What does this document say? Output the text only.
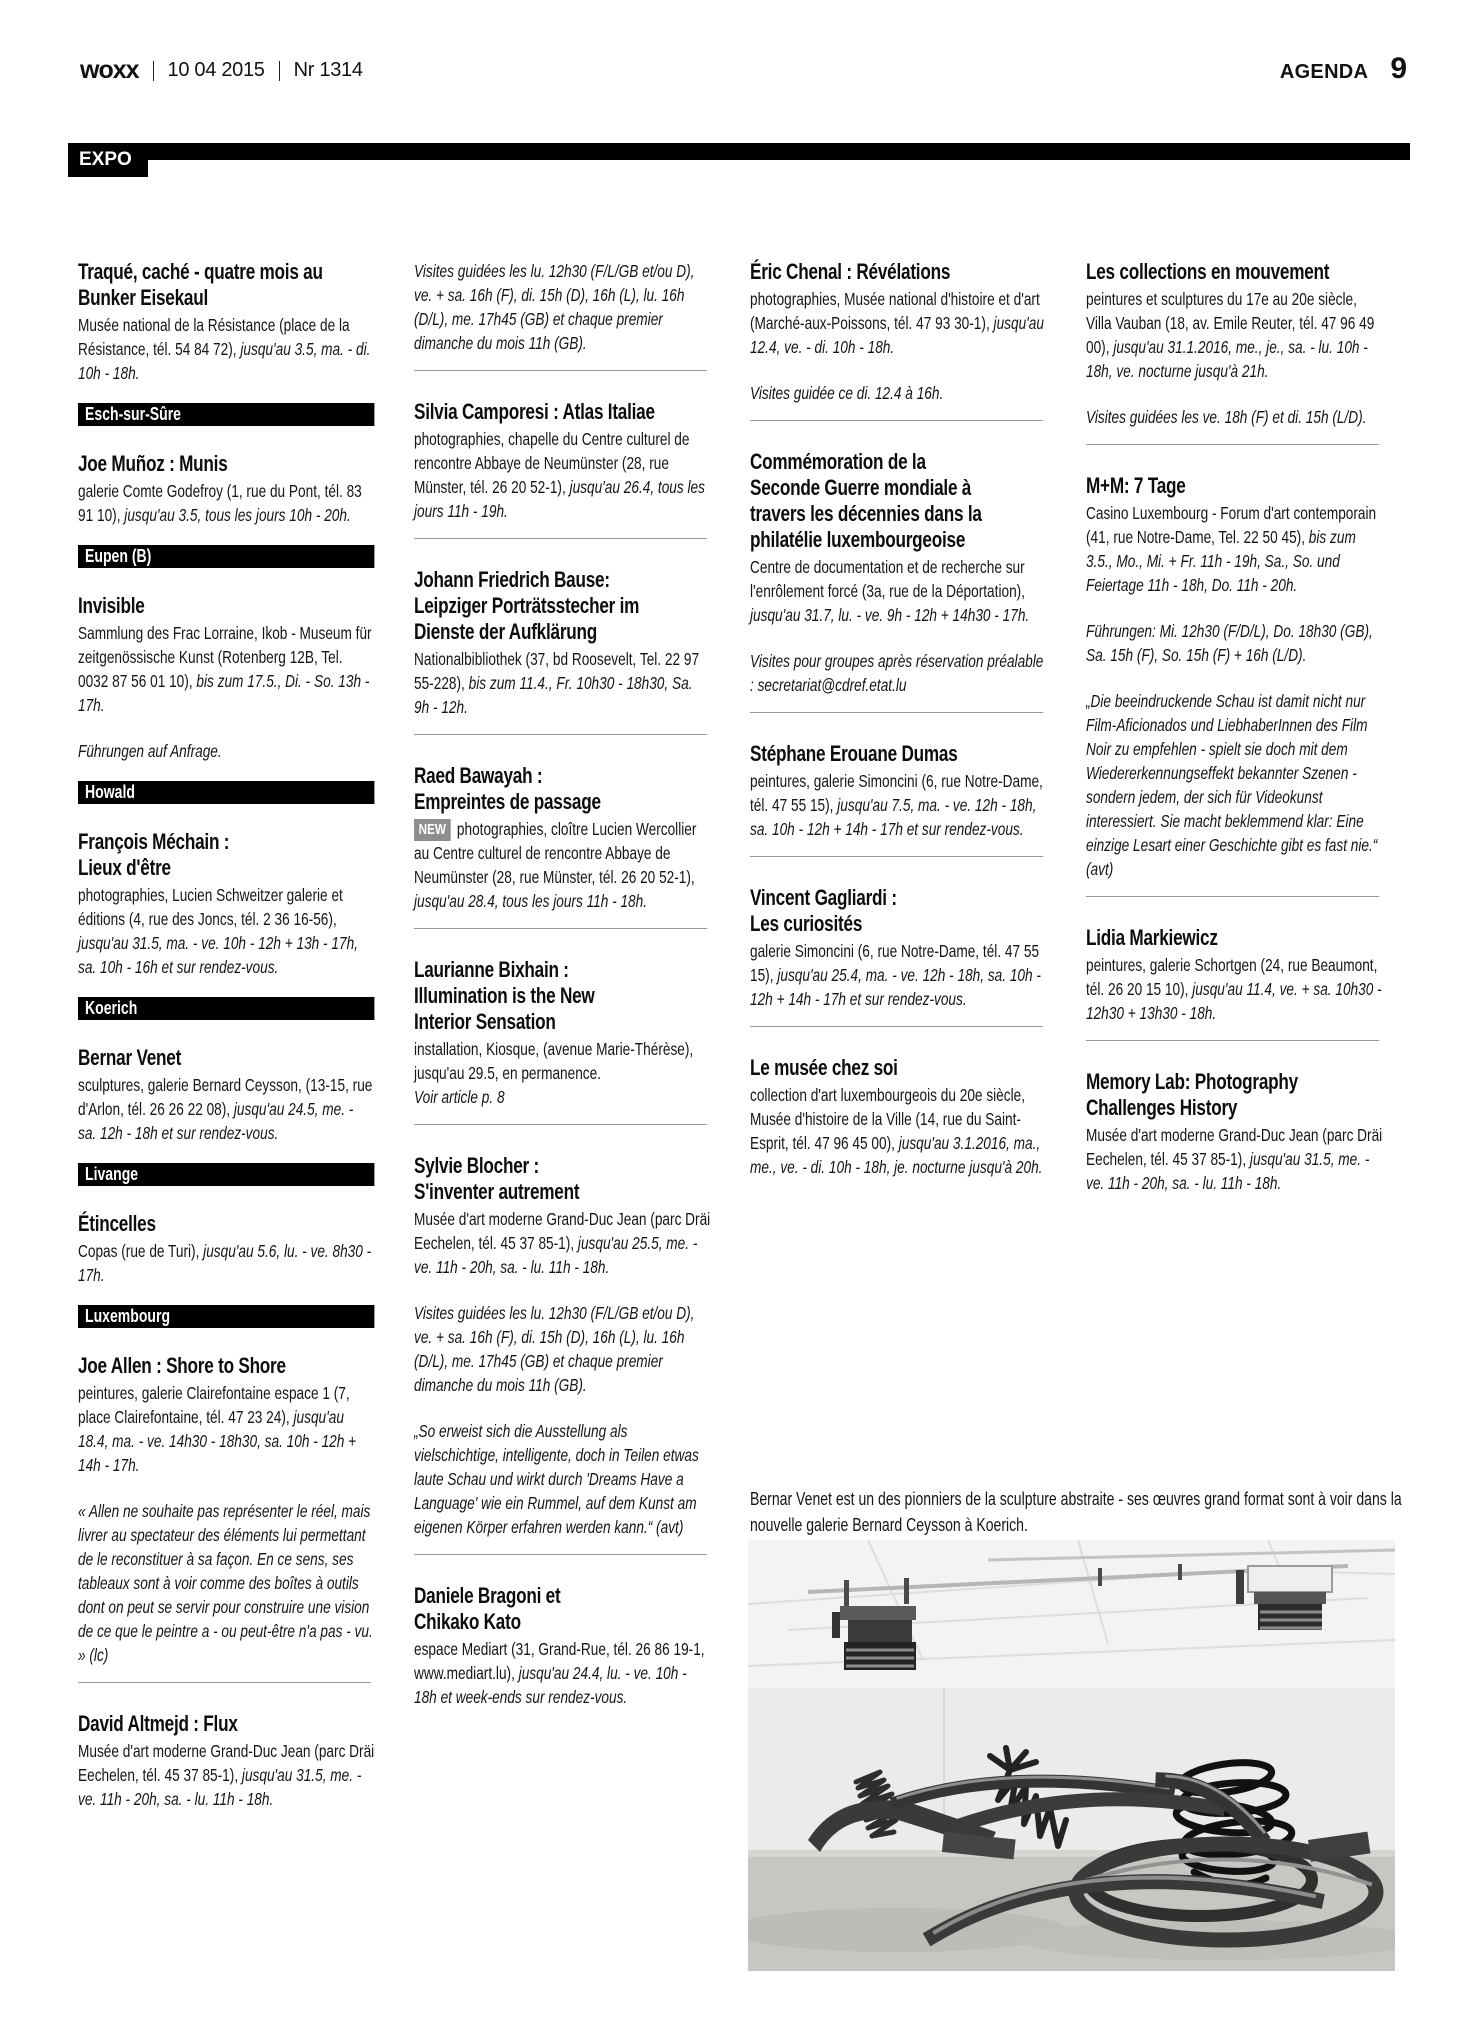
woxx 10 04 2015 Nr 1314	AGENDA 9
EXPO
Traqué, caché - quatre mois au
Bunker Eisekaul

Musée national de la Résistance (place de la Résistance, tél. 54 84 72), jusqu'au 3.5, ma. - di. 10h - 18h.

Esch-sur-Sûre
Joe Muñoz : Munis

galerie Comte Godefroy (1, rue du Pont, tél. 83 91 10), jusqu'au 3.5, tous les jours 10h - 20h.

Eupen (B)
Invisible

Sammlung des Frac Lorraine, Ikob - Museum für zeitgenössische Kunst (Rotenberg 12B, Tel. 0032 87 56 01 10), bis zum 17.5., Di. - So. 13h - 17h.

Führungen auf Anfrage.

Howald
François Méchain :
Lieux d'être

photographies, Lucien Schweitzer galerie et éditions (4, rue des Joncs, tél. 2 36 16-56), jusqu'au 31.5, ma. - ve. 10h - 12h + 13h - 17h, sa. 10h - 16h et sur rendez-vous.

Koerich
Bernar Venet

sculptures, galerie Bernard Ceysson, (13-15, rue d'Arlon, tél. 26 26 22 08), jusqu'au 24.5, me. - sa. 12h - 18h et sur rendez-vous.

Livange
Étincelles

Copas (rue de Turi), jusqu'au 5.6, lu. - ve. 8h30 - 17h.

Luxembourg
Joe Allen : Shore to Shore

peintures, galerie Clairefontaine espace 1 (7, place Clairefontaine, tél. 47 23 24), jusqu'au 18.4, ma. - ve. 14h30 - 18h30, sa. 10h - 12h + 14h - 17h.

« Allen ne souhaite pas représenter le réel, mais livrer au spectateur des éléments lui permettant de le reconstituer à sa façon. En ce sens, ses tableaux sont à voir comme des boîtes à outils dont on peut se servir pour construire une vision de ce que le peintre a - ou peut-être n'a pas - vu. » (lc)

David Altmejd : Flux

Musée d'art moderne Grand-Duc Jean (parc Dräi Eechelen, tél. 45 37 85-1), jusqu'au 31.5, me. - ve. 11h - 20h, sa. - lu. 11h - 18h.

Visites guidées les lu. 12h30 (F/L/GB et/ou D), ve. + sa. 16h (F), di. 15h (D), 16h (L), lu. 16h (D/L), me. 17h45 (GB) et chaque premier dimanche du mois 11h (GB).

Silvia Camporesi : Atlas Italiae

photographies, chapelle du Centre culturel de rencontre Abbaye de Neumünster (28, rue Münster, tél. 26 20 52-1), jusqu'au 26.4, tous les jours 11h - 19h.

Johann Friedrich Bause:
Leipziger Porträtsstecher im
Dienste der Aufklärung

Nationalbibliothek (37, bd Roosevelt, Tel. 22 97 55-228), bis zum 11.4., Fr. 10h30 - 18h30, Sa. 9h - 12h.

Raed Bawayah :
Empreintes de passage

NEW photographies, cloître Lucien Wercollier au Centre culturel de rencontre Abbaye de Neumünster (28, rue Münster, tél. 26 20 52-1), jusqu'au 28.4, tous les jours 11h - 18h.

Laurianne Bixhain :
Illumination is the New
Interior Sensation

installation, Kiosque, (avenue Marie-Thérèse), jusqu'au 29.5, en permanence.

Voir article p. 8

Sylvie Blocher :
S'inventer autrement

Musée d'art moderne Grand-Duc Jean (parc Dräi Eechelen, tél. 45 37 85-1), jusqu'au 25.5, me. - ve. 11h - 20h, sa. - lu. 11h - 18h.

Visites guidées les lu. 12h30 (F/L/GB et/ou D), ve. + sa. 16h (F), di. 15h (D), 16h (L), lu. 16h (D/L), me. 17h45 (GB) et chaque premier dimanche du mois 11h (GB).

„So erweist sich die Ausstellung als vielschichtige, intelligente, doch in Teilen etwas laute Schau und wirkt durch 'Dreams Have a Language' wie ein Rummel, auf dem Kunst am eigenen Körper erfahren werden kann.“ (avt)

Daniele Bragoni et
Chikako Kato

espace Mediart (31, Grand-Rue, tél. 26 86 19-1, www.mediart.lu), jusqu'au 24.4, lu. - ve. 10h - 18h et week-ends sur rendez-vous.

Éric Chenal : Révélations

photographies, Musée national d'histoire et d'art (Marché-aux-Poissons, tél. 47 93 30-1), jusqu'au 12.4, ve. - di. 10h - 18h.

Visites guidée ce di. 12.4 à 16h.

Commémoration de la
Seconde Guerre mondiale à
travers les décennies dans la
philatélie luxembourgeoise

Centre de documentation et de recherche sur l'enrôlement forcé (3a, rue de la Déportation), jusqu'au 31.7, lu. - ve. 9h - 12h + 14h30 - 17h.

Visites pour groupes après réservation préalable : secretariat@cdref.etat.lu

Stéphane Erouane Dumas

peintures, galerie Simoncini (6, rue Notre-Dame, tél. 47 55 15), jusqu'au 7.5, ma. - ve. 12h - 18h, sa. 10h - 12h + 14h - 17h et sur rendez-vous.

Vincent Gagliardi :
Les curiosités

galerie Simoncini (6, rue Notre-Dame, tél. 47 55 15), jusqu'au 25.4, ma. - ve. 12h - 18h, sa. 10h - 12h + 14h - 17h et sur rendez-vous.

Le musée chez soi

collection d'art luxembourgeois du 20e siècle, Musée d'histoire de la Ville (14, rue du Saint-Esprit, tél. 47 96 45 00), jusqu'au 3.1.2016, ma., me., ve. - di. 10h - 18h, je. nocturne jusqu'à 20h.

Les collections en mouvement

peintures et sculptures du 17e au 20e siècle, Villa Vauban (18, av. Emile Reuter, tél. 47 96 49 00), jusqu'au 31.1.2016, me., je., sa. - lu. 10h - 18h, ve. nocturne jusqu'à 21h.

Visites guidées les ve. 18h (F) et di. 15h (L/D).

M+M: 7 Tage

Casino Luxembourg - Forum d'art contemporain (41, rue Notre-Dame, Tel. 22 50 45), bis zum 3.5., Mo., Mi. + Fr. 11h - 19h, Sa., So. und Feiertage 11h - 18h, Do. 11h - 20h.

Führungen: Mi. 12h30 (F/D/L), Do. 18h30 (GB), Sa. 15h (F), So. 15h (F) + 16h (L/D).

„Die beeindruckende Schau ist damit nicht nur Film-Aficionados und LiebhaberInnen des Film Noir zu empfehlen - spielt sie doch mit dem Wiedererkennungseffekt bekannter Szenen - sondern jedem, der sich für Videokunst interessiert. Sie macht beklemmend klar: Eine einzige Lesart einer Geschichte gibt es fast nie.“ (avt)

Lidia Markiewicz

peintures, galerie Schortgen (24, rue Beaumont, tél. 26 20 15 10), jusqu'au 11.4, ve. + sa. 10h30 - 12h30 + 13h30 - 18h.

Memory Lab: Photography
Challenges History

Musée d'art moderne Grand-Duc Jean (parc Dräi Eechelen, tél. 45 37 85-1), jusqu'au 31.5, me. - ve. 11h - 20h, sa. - lu. 11h - 18h.

Bernar Venet est un des pionniers de la sculpture abstraite - ses œuvres grand format sont à voir dans la nouvelle galerie Bernard Ceysson à Koerich.
